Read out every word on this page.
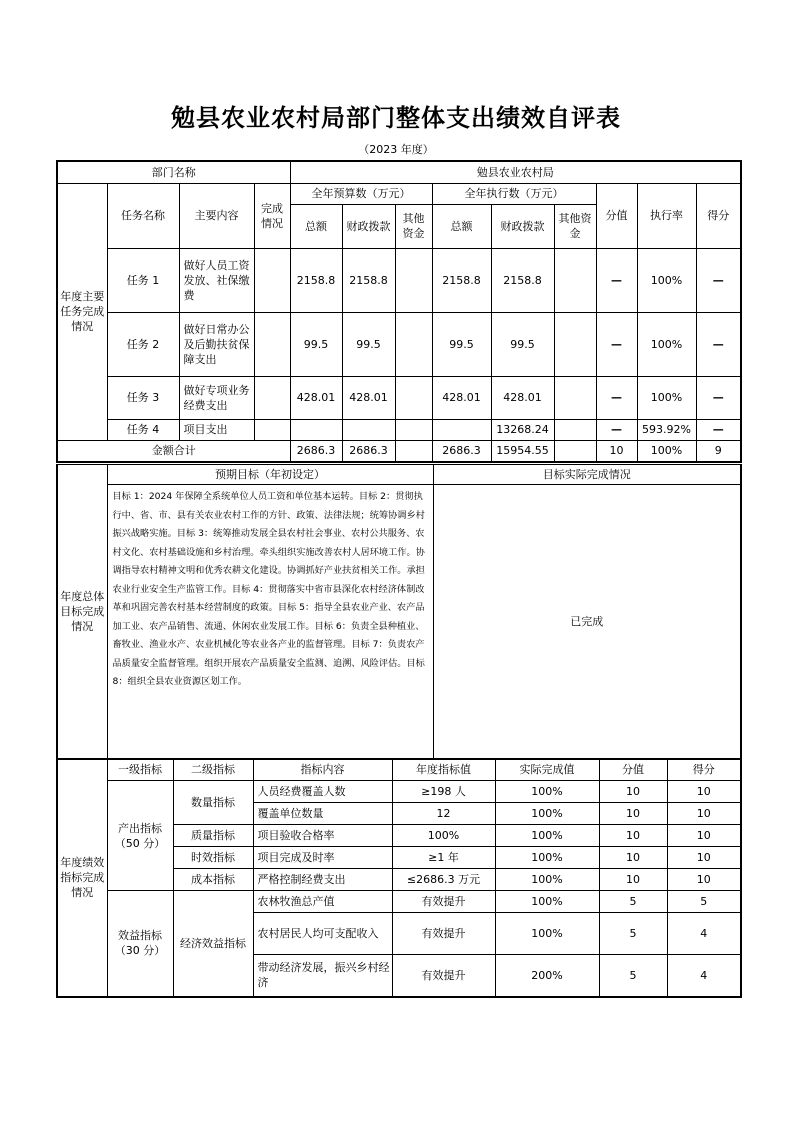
勉县农业农村局部门整体支出绩效自评表
（2023 年度）
部门名称				勉县农业农村局								
年度主要任务完成情况	任务名称	主要内容	完成情况	全年预算数（万元）			全年执行数（万元）			分值	执行率	得分
				总额	财政拨款	其他资金	总额	财政拨款	其他资金			
	任务 1	做好人员工资发放、社保缴费		2158.8	2158.8		2158.8	2158.8		—	100%	—
	任务 2	做好日常办公及后勤扶贫保障支出		99.5	99.5		99.5	99.5		—	100%	—
	任务 3	做好专项业务经费支出		428.01	428.01		428.01	428.01		—	100%	—
	任务 4	项目支出						13268.24		—	593.92%	—
金额合计				2686.3	2686.3		2686.3	15954.55		10	100%	9
年度总体目标完成情况	预期目标（年初设定）	目标实际完成情况
	目标 1：2024 年保障全系统单位人员工资和单位基本运转。目标 2：贯彻执行中、省、市、县有关农业农村工作的方针、政策、法律法规；统筹协调乡村振兴战略实施。目标 3：统筹推动发展全县农村社会事业、农村公共服务、农村文化、农村基础设施和乡村治理。牵头组织实施改善农村人居环境工作。协调指导农村精神文明和优秀农耕文化建设。协调抓好产业扶贫相关工作。承担农业行业安全生产监管工作。目标 4：贯彻落实中省市县深化农村经济体制改革和巩固完善农村基本经营制度的政策。目标 5：指导全县农业产业、农产品加工业、农产品销售、流通、休闲农业发展工作。目标 6：负责全县种植业、畜牧业、渔业水产、农业机械化等农业各产业的监督管理。目标 7：负责农产品质量安全监督管理。组织开展农产品质量安全监测、追溯、风险评估。目标 8：组织全县农业资源区划工作。	已完成
年度绩效指标完成情况	一级指标	二级指标	指标内容	年度指标值	实际完成值	分值	得分
	产出指标（50 分）	数量指标	人员经费覆盖人数	≥198 人	100%	10	10
			覆盖单位数量	12	100%	10	10
		质量指标	项目验收合格率	100%	100%	10	10
		时效指标	项目完成及时率	≥1 年	100%	10	10
		成本指标	严格控制经费支出	≤2686.3 万元	100%	10	10
	效益指标（30 分）	经济效益指标	农林牧渔总产值	有效提升	100%	5	5
			农村居民人均可支配收入	有效提升	100%	5	4
			带动经济发展，振兴乡村经济	有效提升	200%	5	4
